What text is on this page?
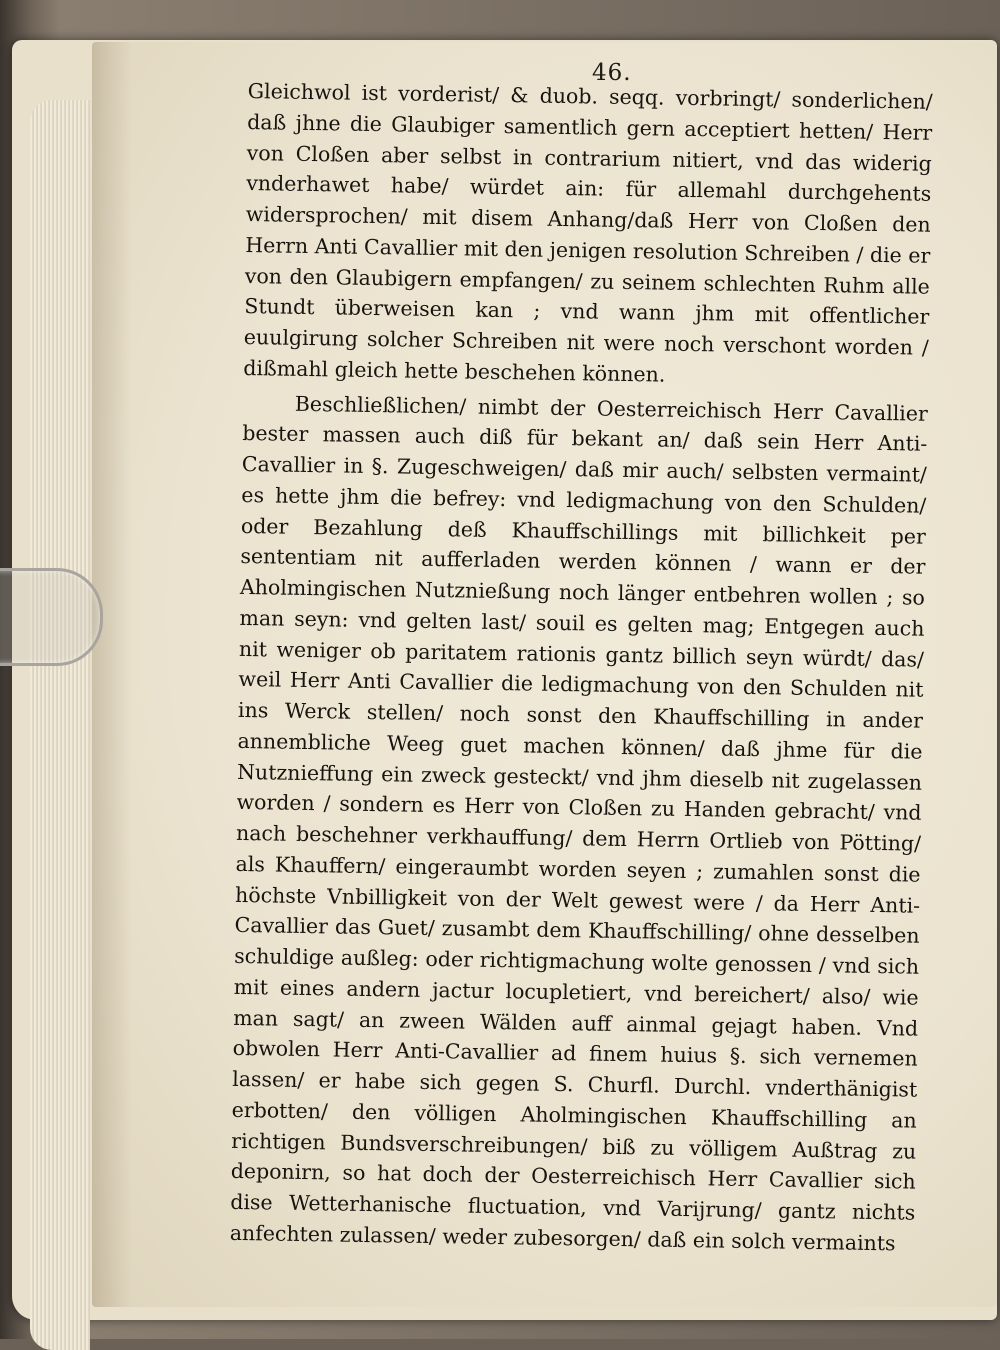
46.

Gleichwol ist vorderist/ & duob. seqq. vorbringt/ sonderlichen/ daß jhne die Glaubiger samentlich gern acceptiert hetten/ Herr von Cloßen aber selbst in contrarium nitiert, vnd das widerig vnderhawet habe/ würdet ain: für allemahl durchgehents widersprochen/ mit disem Anhang/daß Herr von Cloßen den Herrn Anti Cavallier mit den jenigen resolution Schreiben / die er von den Glaubigern empfangen/ zu seinem schlechten Ruhm alle Stundt überweisen kan ; vnd wann jhm mit offentlicher euulgirung solcher Schreiben nit were noch verschont worden / dißmahl gleich hette beschehen können.

Beschließlichen/ nimbt der Oesterreichisch Herr Cavallier bester massen auch diß für bekant an/ daß sein Herr Anti-Cavallier in §. Zugeschweigen/ daß mir auch/ selbsten vermaint/ es hette jhm die befrey: vnd ledigmachung von den Schulden/ oder Bezahlung deß Khauffschillings mit billichkeit per sententiam nit aufferladen werden können / wann er der Aholmingischen Nutznießung noch länger entbehren wollen ; so man seyn: vnd gelten last/ souil es gelten mag; Entgegen auch nit weniger ob paritatem rationis gantz billich seyn würdt/ das/ weil Herr Anti Cavallier die ledigmachung von den Schulden nit ins Werck stellen/ noch sonst den Khauffschilling in ander annembliche Weeg guet machen können/ daß jhme für die Nutznieffung ein zweck gesteckt/ vnd jhm dieselb nit zugelassen worden / sondern es Herr von Cloßen zu Handen gebracht/ vnd nach beschehner verkhauffung/ dem Herrn Ortlieb von Pötting/ als Khauffern/ eingeraumbt worden seyen ; zumahlen sonst die höchste Vnbilligkeit von der Welt gewest were / da Herr Anti-Cavallier das Guet/ zusambt dem Khauffschilling/ ohne desselben schuldige außleg: oder richtigmachung wolte genossen / vnd sich mit eines andern jactur locupletiert, vnd bereichert/ also/ wie man sagt/ an zween Wälden auff ainmal gejagt haben. Vnd obwolen Herr Anti-Cavallier ad finem huius §. sich vernemen lassen/ er habe sich gegen S. Churfl. Durchl. vnderthänigist erbotten/ den völligen Aholmingischen Khauffschilling an richtigen Bundsverschreibungen/ biß zu völligem Außtrag zu deponirn, so hat doch der Oesterreichisch Herr Cavallier sich dise Wetterhanische fluctuation, vnd Varijrung/ gantz nichts anfechten zulassen/ weder zubesorgen/ daß ein solch vermaints
